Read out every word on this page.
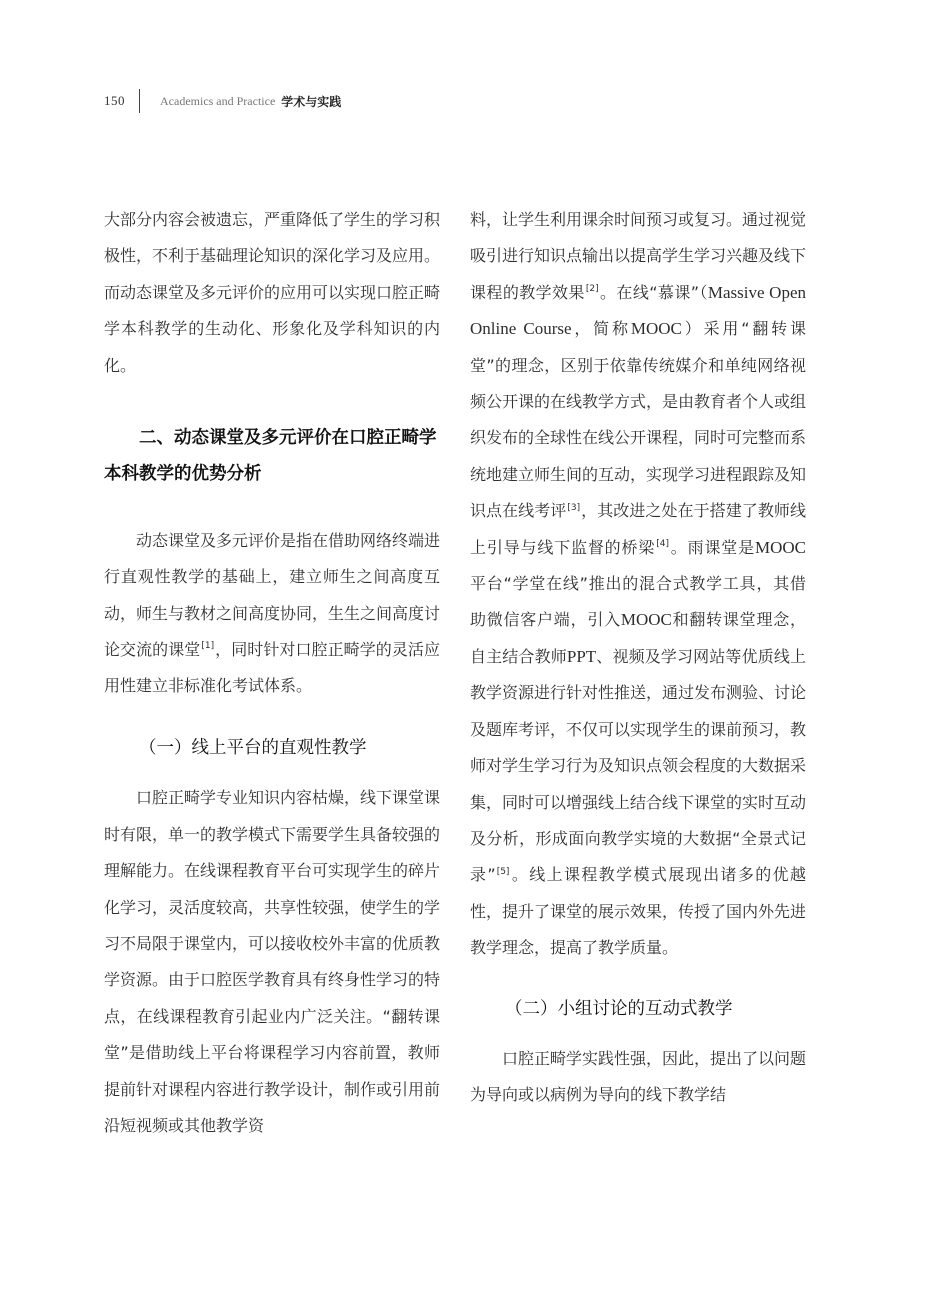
150	Academics and Practice 学术与实践

大部分内容会被遗忘，严重降低了学生的学习积极性，不利于基础理论知识的深化学习及应用。而动态课堂及多元评价的应用可以实现口腔正畸学本科教学的生动化、形象化及学科知识的内化。

二、动态课堂及多元评价在口腔正畸学本科教学的优势分析

动态课堂及多元评价是指在借助网络终端进行直观性教学的基础上，建立师生之间高度互动，师生与教材之间高度协同，生生之间高度讨论交流的课堂[1]，同时针对口腔正畸学的灵活应用性建立非标准化考试体系。

（一）线上平台的直观性教学

口腔正畸学专业知识内容枯燥，线下课堂课时有限，单一的教学模式下需要学生具备较强的理解能力。在线课程教育平台可实现学生的碎片化学习，灵活度较高，共享性较强，使学生的学习不局限于课堂内，可以接收校外丰富的优质教学资源。由于口腔医学教育具有终身性学习的特点，在线课程教育引起业内广泛关注。“翻转课堂”是借助线上平台将课程学习内容前置，教师提前针对课程内容进行教学设计，制作或引用前沿短视频或其他教学资

料，让学生利用课余时间预习或复习。通过视觉吸引进行知识点输出以提高学生学习兴趣及线下课程的教学效果[2]。在线“慕课”（Massive Open Online Course，简称MOOC）采用“翻转课堂”的理念，区别于依靠传统媒介和单纯网络视频公开课的在线教学方式，是由教育者个人或组织发布的全球性在线公开课程，同时可完整而系统地建立师生间的互动，实现学习进程跟踪及知识点在线考评[3]，其改进之处在于搭建了教师线上引导与线下监督的桥梁[4]。雨课堂是MOOC平台“学堂在线”推出的混合式教学工具，其借助微信客户端，引入MOOC和翻转课堂理念，自主结合教师PPT、视频及学习网站等优质线上教学资源进行针对性推送，通过发布测验、讨论及题库考评，不仅可以实现学生的课前预习，教师对学生学习行为及知识点领会程度的大数据采集，同时可以增强线上结合线下课堂的实时互动及分析，形成面向教学实境的大数据“全景式记录”[5]。线上课程教学模式展现出诸多的优越性，提升了课堂的展示效果，传授了国内外先进教学理念，提高了教学质量。

（二）小组讨论的互动式教学

口腔正畸学实践性强，因此，提出了以问题为导向或以病例为导向的线下教学结
